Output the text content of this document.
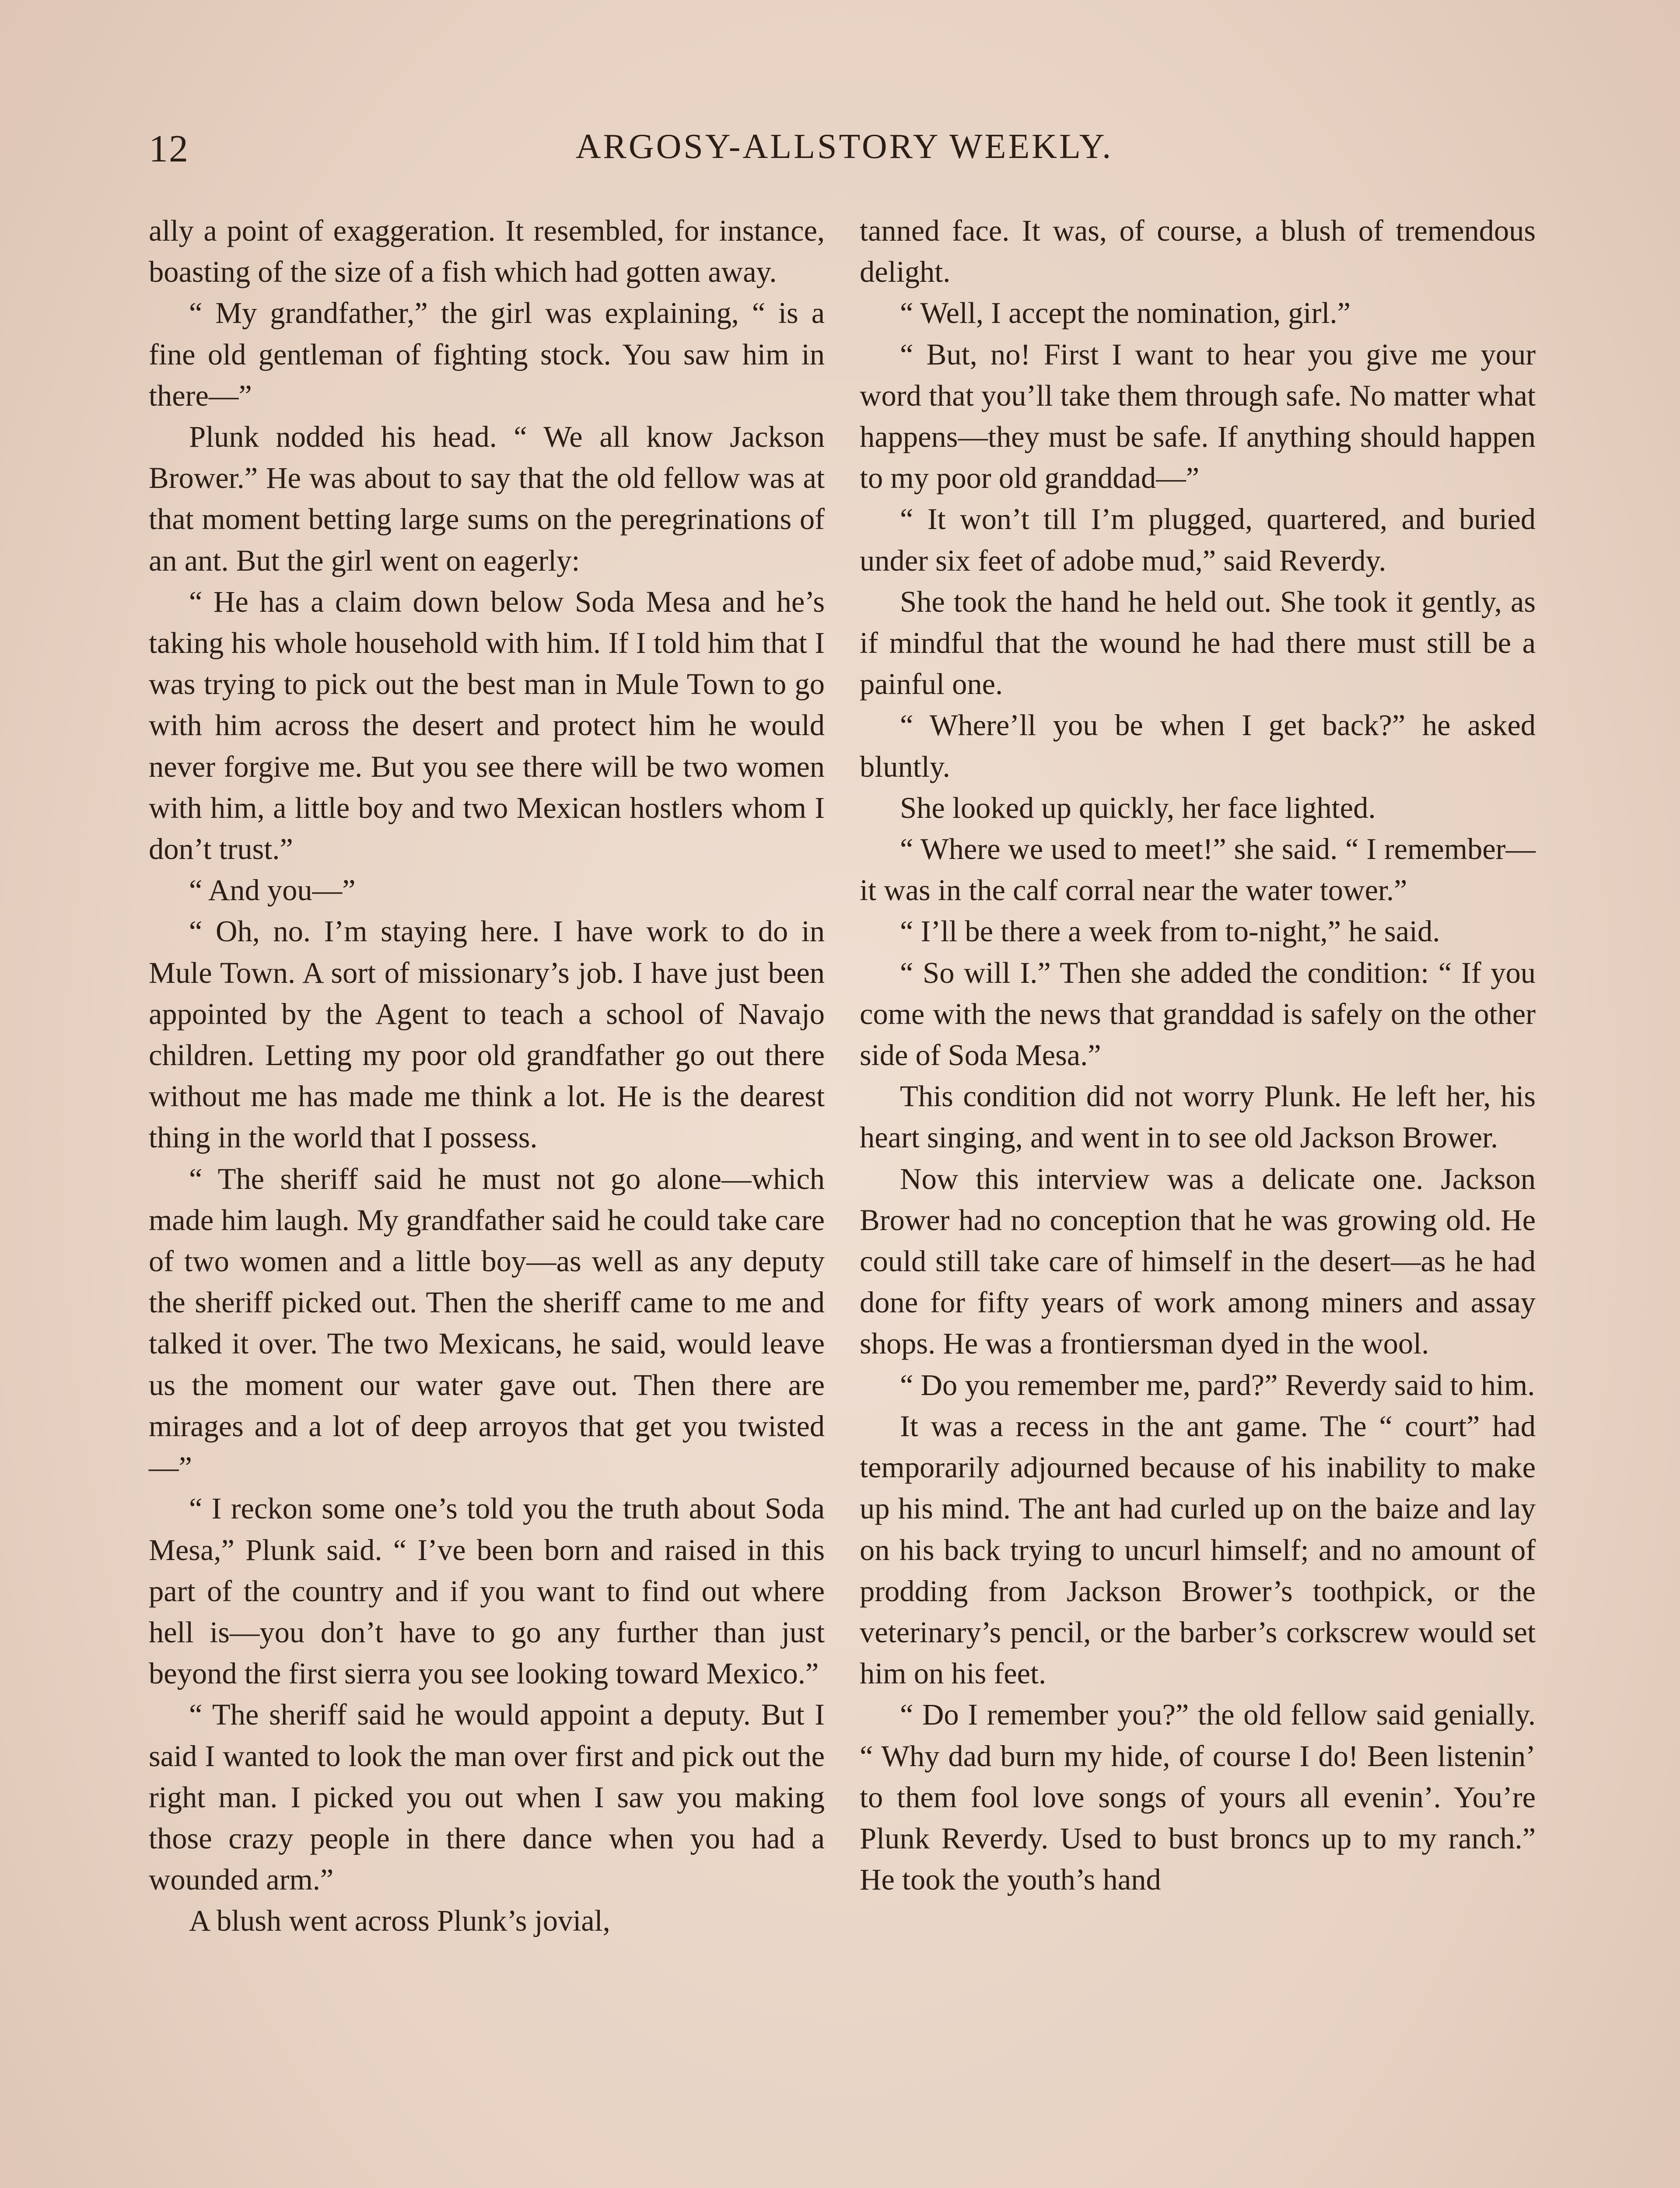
12	ARGOSY-ALLSTORY WEEKLY.

ally a point of exaggeration. It resembled, for instance, boasting of the size of a fish which had gotten away.

“ My grandfather,” the girl was explaining, “ is a fine old gentleman of fighting stock. You saw him in there—”

Plunk nodded his head. “ We all know Jackson Brower.” He was about to say that the old fellow was at that moment betting large sums on the peregrinations of an ant. But the girl went on eagerly:

“ He has a claim down below Soda Mesa and he’s taking his whole household with him. If I told him that I was trying to pick out the best man in Mule Town to go with him across the desert and protect him he would never forgive me. But you see there will be two women with him, a little boy and two Mexican hostlers whom I don’t trust.”

“ And you—”

“ Oh, no. I’m staying here. I have work to do in Mule Town. A sort of missionary’s job. I have just been appointed by the Agent to teach a school of Navajo children. Letting my poor old grandfather go out there without me has made me think a lot. He is the dearest thing in the world that I possess.

“ The sheriff said he must not go alone—which made him laugh. My grandfather said he could take care of two women and a little boy—as well as any deputy the sheriff picked out. Then the sheriff came to me and talked it over. The two Mexicans, he said, would leave us the moment our water gave out. Then there are mirages and a lot of deep arroyos that get you twisted—”

“ I reckon some one’s told you the truth about Soda Mesa,” Plunk said. “ I’ve been born and raised in this part of the country and if you want to find out where hell is—you don’t have to go any further than just beyond the first sierra you see looking toward Mexico.”

“ The sheriff said he would appoint a deputy. But I said I wanted to look the man over first and pick out the right man. I picked you out when I saw you making those crazy people in there dance when you had a wounded arm.”

A blush went across Plunk’s jovial,

tanned face. It was, of course, a blush of tremendous delight.

“ Well, I accept the nomination, girl.”

“ But, no! First I want to hear you give me your word that you’ll take them through safe. No matter what happens—they must be safe. If anything should happen to my poor old granddad—”

“ It won’t till I’m plugged, quartered, and buried under six feet of adobe mud,” said Reverdy.

She took the hand he held out. She took it gently, as if mindful that the wound he had there must still be a painful one.

“ Where’ll you be when I get back?” he asked bluntly.

She looked up quickly, her face lighted.

“ Where we used to meet!” she said. “ I remember—it was in the calf corral near the water tower.”

“ I’ll be there a week from to-night,” he said.

“ So will I.” Then she added the condition: “ If you come with the news that granddad is safely on the other side of Soda Mesa.”

This condition did not worry Plunk. He left her, his heart singing, and went in to see old Jackson Brower.

Now this interview was a delicate one. Jackson Brower had no conception that he was growing old. He could still take care of himself in the desert—as he had done for fifty years of work among miners and assay shops. He was a frontiersman dyed in the wool.

“ Do you remember me, pard?” Reverdy said to him.

It was a recess in the ant game. The “ court” had temporarily adjourned because of his inability to make up his mind. The ant had curled up on the baize and lay on his back trying to uncurl himself; and no amount of prodding from Jackson Brower’s toothpick, or the veterinary’s pencil, or the barber’s corkscrew would set him on his feet.

“ Do I remember you?” the old fellow said genially. “ Why dad burn my hide, of course I do! Been listenin’ to them fool love songs of yours all evenin’. You’re Plunk Reverdy. Used to bust broncs up to my ranch.” He took the youth’s hand
